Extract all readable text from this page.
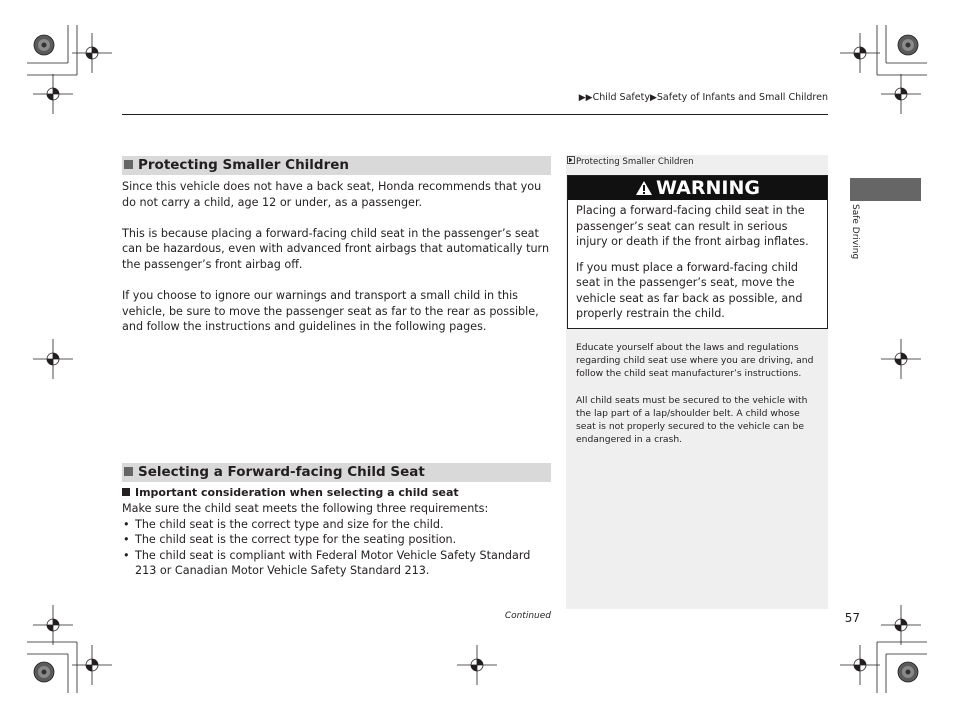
▶▶Child Safety▶Safety of Infants and Small Children
Protecting Smaller Children

Since this vehicle does not have a back seat, Honda recommends that you do not carry a child, age 12 or under, as a passenger.

This is because placing a forward-facing child seat in the passenger’s seat can be hazardous, even with advanced front airbags that automatically turn the passenger’s front airbag off.

If you choose to ignore our warnings and transport a small child in this vehicle, be sure to move the passenger seat as far to the rear as possible, and follow the instructions and guidelines in the following pages.

Selecting a Forward-facing Child Seat
Important consideration when selecting a child seat
Make sure the child seat meets the following three requirements:
• The child seat is the correct type and size for the child.
• The child seat is the correct type for the seating position.
• The child seat is compliant with Federal Motor Vehicle Safety Standard 213 or Canadian Motor Vehicle Safety Standard 213.
Protecting Smaller Children
WARNING

Placing a forward-facing child seat in the passenger’s seat can result in serious injury or death if the front airbag inflates.

If you must place a forward-facing child seat in the passenger’s seat, move the vehicle seat as far back as possible, and properly restrain the child.

Educate yourself about the laws and regulations regarding child seat use where you are driving, and follow the child seat manufacturer’s instructions.

All child seats must be secured to the vehicle with the lap part of a lap/shoulder belt. A child whose seat is not properly secured to the vehicle can be endangered in a crash.

Continued	57
Safe Driving
